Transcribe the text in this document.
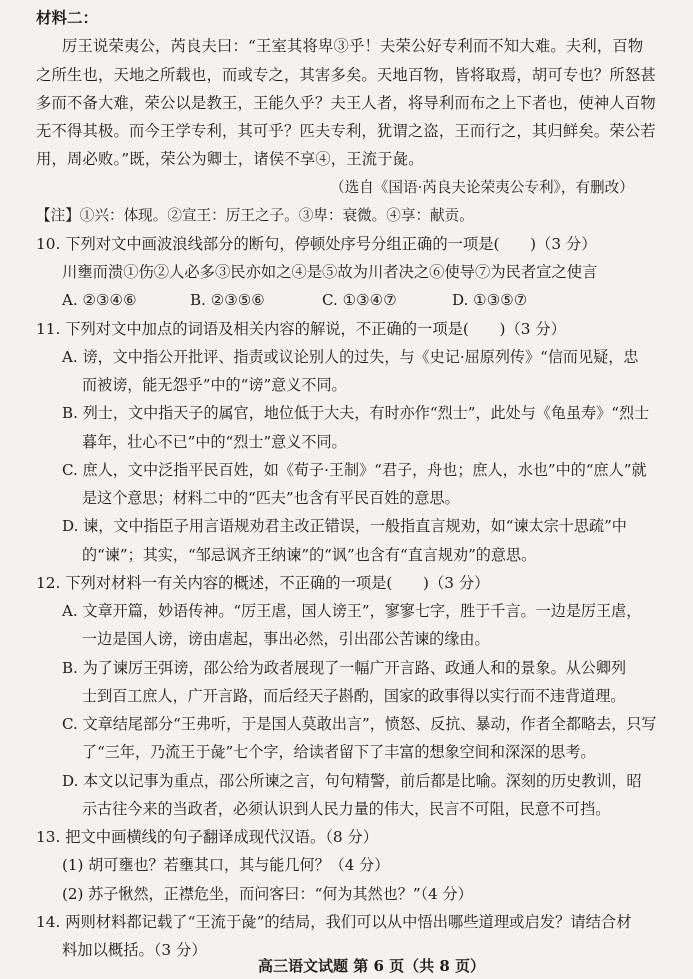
材料二：
厉王说荣夷公，芮良夫曰：“王室其将卑③乎！夫荣公好专利而不知大难。夫利，百物
之所生也，天地之所载也，而或专之，其害多矣。天地百物，皆将取焉，胡可专也？所怒甚
多而不备大难，荣公以是教王，王能久乎？夫王人者，将导利而布之上下者也，使神人百物
无不得其极。而今王学专利，其可乎？匹夫专利，犹谓之盗，王而行之，其归鲜矣。荣公若
用，周必败。”既，荣公为卿士，诸侯不享④，王流于彘。
（选自《国语·芮良夫论荣夷公专利》，有删改）
【注】①兴：体现。②宣王：厉王之子。③卑：衰微。④享：献贡。
10. 下列对文中画波浪线部分的断句，停顿处序号分组正确的一项是(　　)（3 分）
川壅而溃①伤②人必多③民亦如之④是⑤故为川者决之⑥使导⑦为民者宣之使言
A. ②③④⑥	B. ②③⑤⑥	C. ①③④⑦	D. ①③⑤⑦
11. 下列对文中加点的词语及相关内容的解说，不正确的一项是(　　)（3 分）
A. 谤，文中指公开批评、指责或议论别人的过失，与《史记·屈原列传》“信而见疑，忠
而被谤，能无怨乎”中的“谤”意义不同。
B. 列士，文中指天子的属官，地位低于大夫，有时亦作“烈士”，此处与《龟虽寿》“烈士
暮年，壮心不已”中的“烈士”意义不同。
C. 庶人，文中泛指平民百姓，如《荀子·王制》“君子，舟也；庶人，水也”中的“庶人”就
是这个意思；材料二中的“匹夫”也含有平民百姓的意思。
D. 谏，文中指臣子用言语规劝君主改正错误，一般指直言规劝，如“谏太宗十思疏”中
的“谏”；其实，“邹忌讽齐王纳谏”的“讽”也含有“直言规劝”的意思。
12. 下列对材料一有关内容的概述，不正确的一项是(　　)（3 分）
A. 文章开篇，妙语传神。“厉王虐，国人谤王”，寥寥七字，胜于千言。一边是厉王虐，
一边是国人谤，谤由虐起，事出必然，引出邵公苦谏的缘由。
B. 为了谏厉王弭谤，邵公给为政者展现了一幅广开言路、政通人和的景象。从公卿列
士到百工庶人，广开言路，而后经天子斟酌，国家的政事得以实行而不违背道理。
C. 文章结尾部分“王弗听，于是国人莫敢出言”，愤怒、反抗、暴动，作者全都略去，只写
了“三年，乃流王于彘”七个字，给读者留下了丰富的想象空间和深深的思考。
D. 本文以记事为重点，邵公所谏之言，句句精警，前后都是比喻。深刻的历史教训，昭
示古往今来的当政者，必须认识到人民力量的伟大，民言不可阻，民意不可挡。
13. 把文中画横线的句子翻译成现代汉语。（8 分）
(1) 胡可壅也？若壅其口，其与能几何？（4 分）
(2) 苏子愀然，正襟危坐，而问客曰：“何为其然也？”（4 分）
高三语文试题 第 6 页（共 8 页）
14. 两则材料都记载了“王流于彘”的结局，我们可以从中悟出哪些道理或启发？请结合材
料加以概括。（3 分）
